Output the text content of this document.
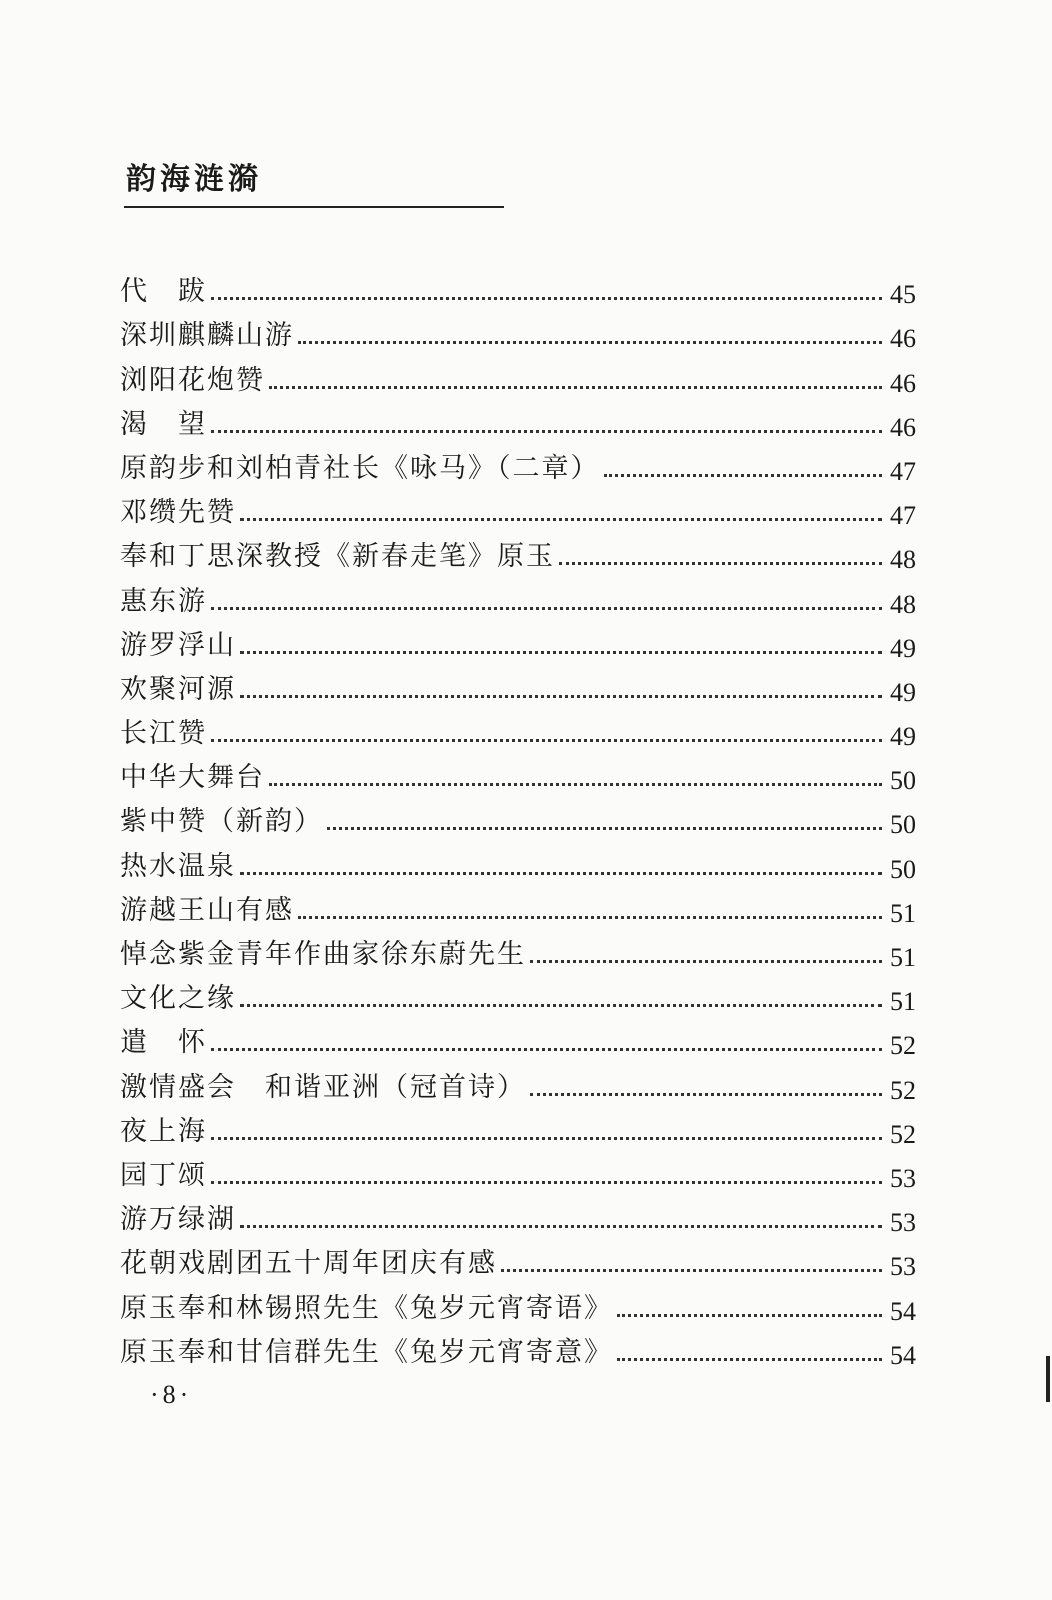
韵海涟漪
代　跋	45
深圳麒麟山游	46
浏阳花炮赞	46
渴　望	46
原韵步和刘柏青社长《咏马》（二章）	47
邓缵先赞	47
奉和丁思深教授《新春走笔》原玉	48
惠东游	48
游罗浮山	49
欢聚河源	49
长江赞	49
中华大舞台	50
紫中赞（新韵）	50
热水温泉	50
游越王山有感	51
悼念紫金青年作曲家徐东蔚先生	51
文化之缘	51
遣　怀	52
激情盛会　和谐亚洲（冠首诗）	52
夜上海	52
园丁颂	53
游万绿湖	53
花朝戏剧团五十周年团庆有感	53
原玉奉和林锡照先生《兔岁元宵寄语》	54
原玉奉和甘信群先生《兔岁元宵寄意》	54
·8·
